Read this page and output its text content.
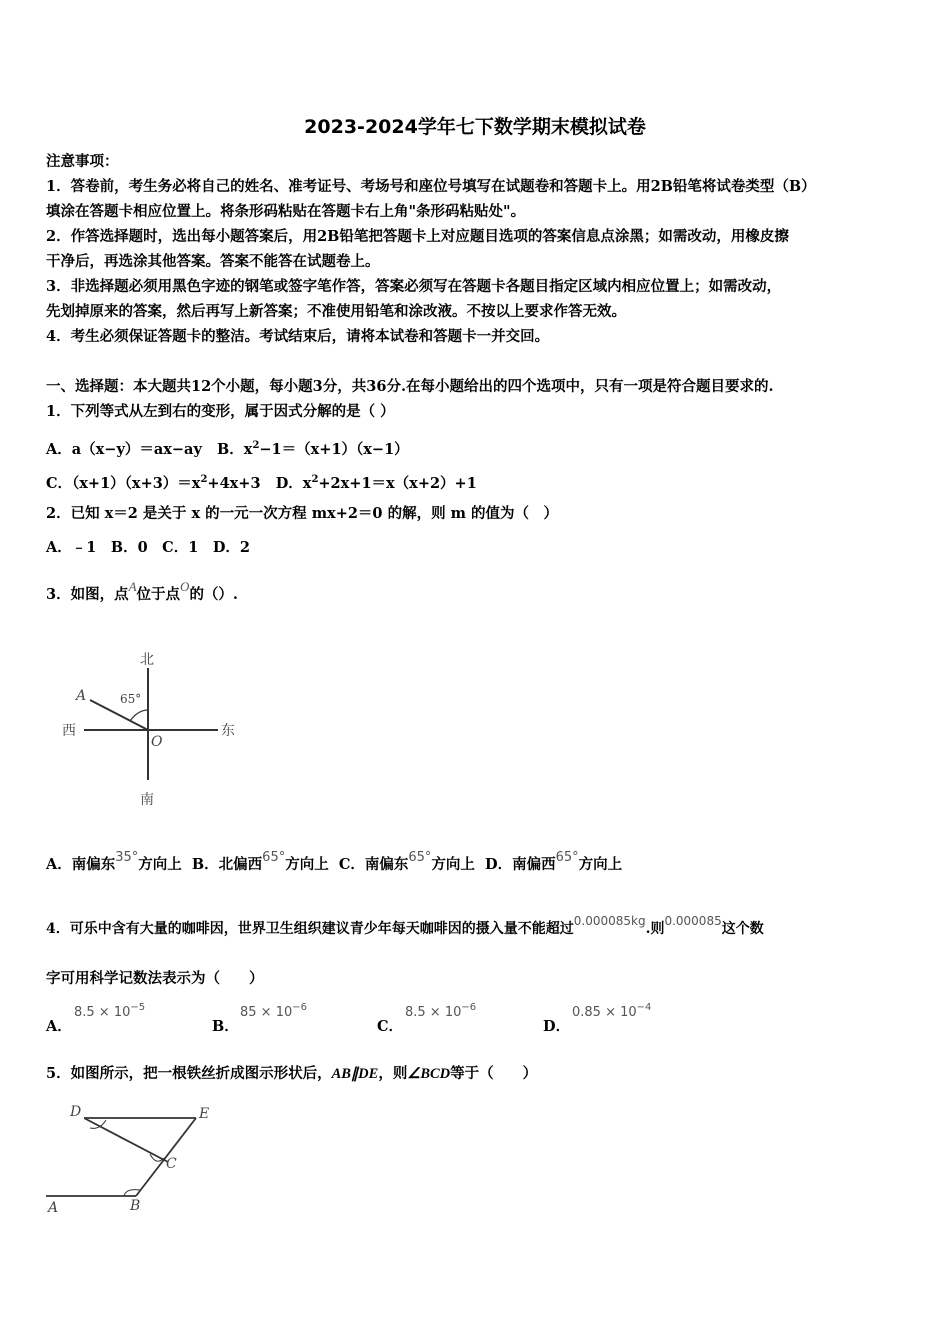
2023-2024学年七下数学期末模拟试卷
注意事项：
1．答卷前，考生务必将自己的姓名、准考证号、考场号和座位号填写在试题卷和答题卡上。用2B铅笔将试卷类型（B）
填涂在答题卡相应位置上。将条形码粘贴在答题卡右上角"条形码粘贴处"。
2．作答选择题时，选出每小题答案后，用2B铅笔把答题卡上对应题目选项的答案信息点涂黑；如需改动，用橡皮擦
干净后，再选涂其他答案。答案不能答在试题卷上。
3．非选择题必须用黑色字迹的钢笔或签字笔作答，答案必须写在答题卡各题目指定区域内相应位置上；如需改动，
先划掉原来的答案，然后再写上新答案；不准使用铅笔和涂改液。不按以上要求作答无效。
4．考生必须保证答题卡的整洁。考试结束后，请将本试卷和答题卡一并交回。
一、选择题：本大题共12个小题，每小题3分，共36分.在每小题给出的四个选项中，只有一项是符合题目要求的.
1．下列等式从左到右的变形，属于因式分解的是（ ）
A．a（x−y）＝ax−ay B．$x^2-1=(x+1)(x-1)$
C．$(x+1)(x+3)=x^2+4x+3$ D．$x^2+2x+1=x(x+2)+1$
2．已知 x＝2 是关于 x 的一元一次方程 mx+2＝0 的解，则 m 的值为（　）
A．﹣1　B．0　C．1　D．2
3．如图，点A位于点O的（）.
北
南
西	东
A
O
65°
A．南偏东35°方向上 B．北偏西65°方向上 C．南偏东65°方向上 D．南偏西65°方向上
4．可乐中含有大量的咖啡因，世界卫生组织建议青少年每天咖啡因的摄入量不能超过0.000085kg.则0.000085这个数
字可用科学记数法表示为（　　）
A．
$8.5 \times 10^{-5}$
B．
$85 \times 10^{-6}$
C．
$8.5 \times 10^{-6}$
D．
$0.85 \times 10^{-4}$
5．如图所示，把一根铁丝折成图示形状后，AB∥DE，则∠BCD等于（　　）
D	E
C
A	B
